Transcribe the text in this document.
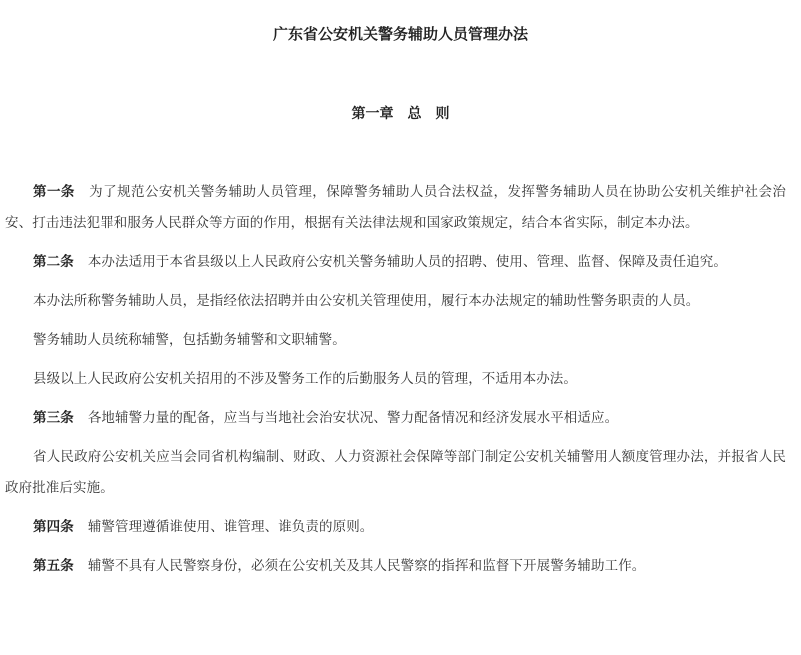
广东省公安机关警务辅助人员管理办法
第一章 总　则

第一条 为了规范公安机关警务辅助人员管理，保障警务辅助人员合法权益，发挥警务辅助人员在协助公安机关维护社会治安、打击违法犯罪和服务人民群众等方面的作用，根据有关法律法规和国家政策规定，结合本省实际，制定本办法。

第二条 本办法适用于本省县级以上人民政府公安机关警务辅助人员的招聘、使用、管理、监督、保障及责任追究。

本办法所称警务辅助人员，是指经依法招聘并由公安机关管理使用，履行本办法规定的辅助性警务职责的人员。

警务辅助人员统称辅警，包括勤务辅警和文职辅警。

县级以上人民政府公安机关招用的不涉及警务工作的后勤服务人员的管理，不适用本办法。

第三条 各地辅警力量的配备，应当与当地社会治安状况、警力配备情况和经济发展水平相适应。

省人民政府公安机关应当会同省机构编制、财政、人力资源社会保障等部门制定公安机关辅警用人额度管理办法，并报省人民政府批准后实施。

第四条 辅警管理遵循谁使用、谁管理、谁负责的原则。

第五条 辅警不具有人民警察身份，必须在公安机关及其人民警察的指挥和监督下开展警务辅助工作。
